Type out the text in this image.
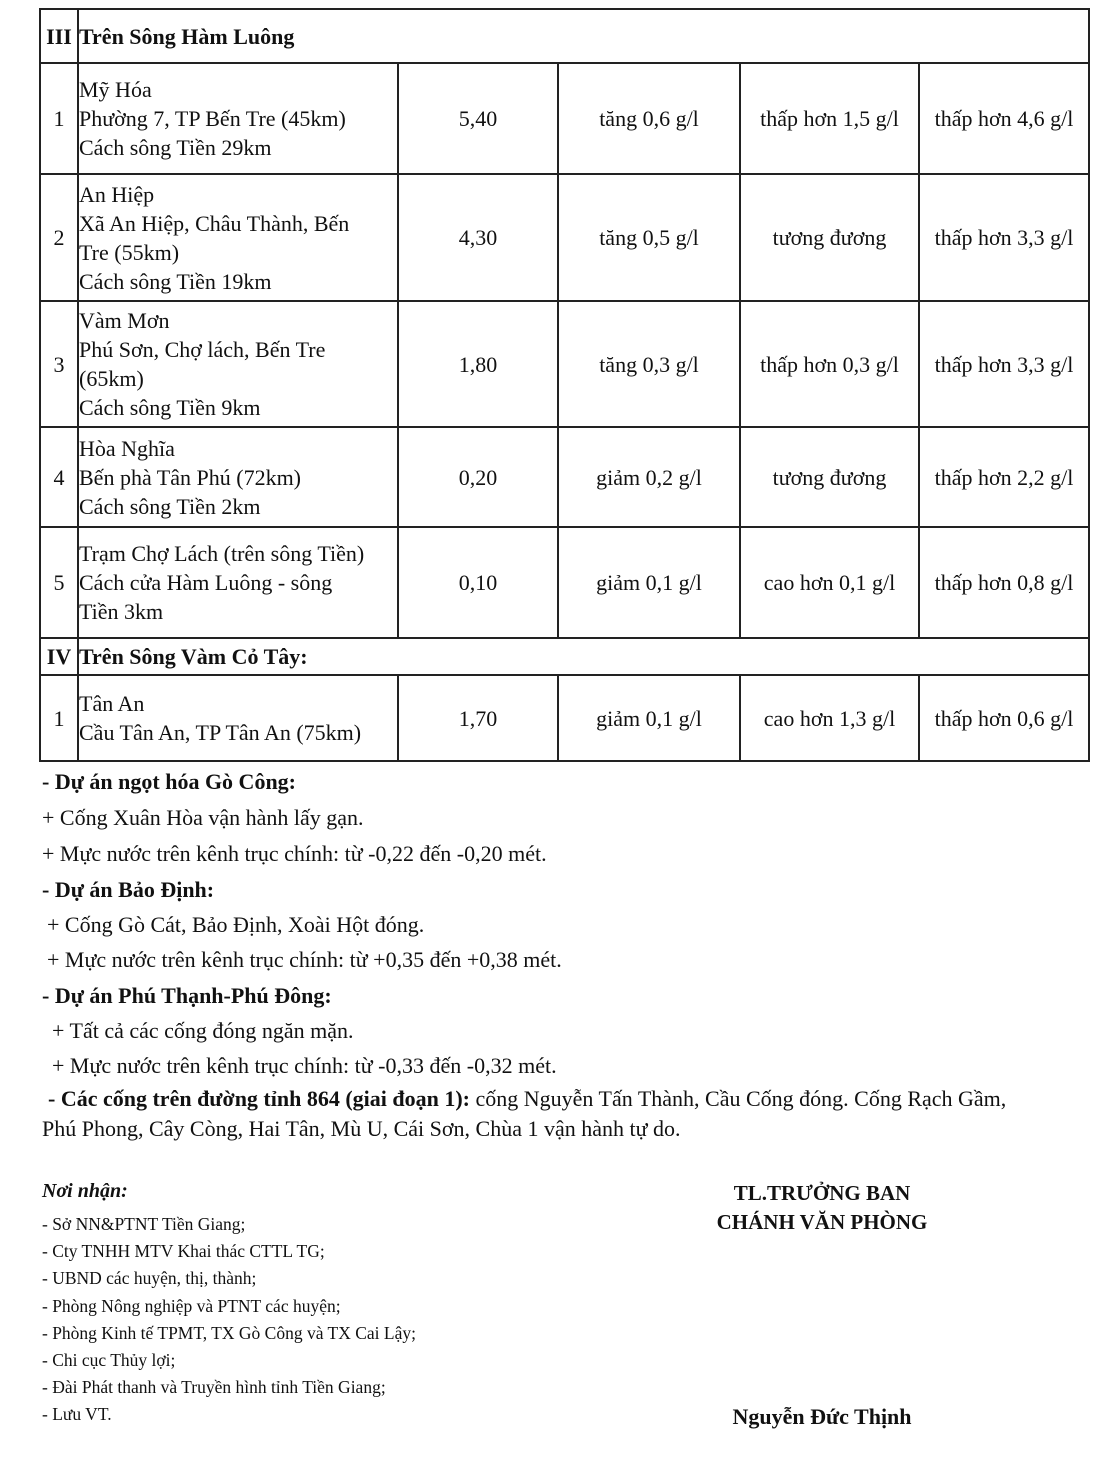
III	Trên Sông Hàm Luông				
1	Mỹ Hóa
Phường 7, TP Bến Tre (45km)
Cách sông Tiền 29km	5,40	tăng 0,6 g/l	thấp hơn 1,5 g/l	thấp hơn 4,6 g/l
2	An Hiệp
Xã An Hiệp, Châu Thành, Bến
Tre (55km)
Cách sông Tiền 19km	4,30	tăng 0,5 g/l	tương đương	thấp hơn 3,3 g/l
3	Vàm Mơn
Phú Sơn, Chợ lách, Bến Tre
(65km)
Cách sông Tiền 9km	1,80	tăng 0,3 g/l	thấp hơn 0,3 g/l	thấp hơn 3,3 g/l
4	Hòa Nghĩa
Bến phà Tân Phú (72km)
Cách sông Tiền 2km	0,20	giảm 0,2 g/l	tương đương	thấp hơn 2,2 g/l
5	Trạm Chợ Lách (trên sông Tiền)
Cách cửa Hàm Luông - sông
Tiền 3km	0,10	giảm 0,1 g/l	cao hơn 0,1 g/l	thấp hơn 0,8 g/l
IV	Trên Sông Vàm Cỏ Tây:				
1	Tân An
Cầu Tân An, TP Tân An (75km)	1,70	giảm 0,1 g/l	cao hơn 1,3 g/l	thấp hơn 0,6 g/l

- Dự án ngọt hóa Gò Công:

+ Cống Xuân Hòa vận hành lấy gạn.

+ Mực nước trên kênh trục chính: từ -0,22 đến -0,20 mét.

- Dự án Bảo Định:

+ Cống Gò Cát, Bảo Định, Xoài Hột đóng.

+ Mực nước trên kênh trục chính: từ +0,35 đến +0,38 mét.

- Dự án Phú Thạnh-Phú Đông:

+ Tất cả các cống đóng ngăn mặn.

+ Mực nước trên kênh trục chính: từ -0,33 đến -0,32 mét.

- Các cống trên đường tỉnh 864 (giai đoạn 1): cống Nguyễn Tấn Thành, Cầu Cống đóng. Cống Rạch Gầm,

Phú Phong, Cây Còng, Hai Tân, Mù U, Cái Sơn, Chùa 1 vận hành tự do.

Nơi nhận:
- Sở NN&PTNT Tiền Giang;
- Cty TNHH MTV Khai thác CTTL TG;
- UBND các huyện, thị, thành;
- Phòng Nông nghiệp và PTNT các huyện;
- Phòng Kinh tế TPMT, TX Gò Công và TX Cai Lậy;
- Chi cục Thủy lợi;
- Đài Phát thanh và Truyền hình tỉnh Tiền Giang;
- Lưu VT.
TL.TRƯỞNG BAN
CHÁNH VĂN PHÒNG
Nguyễn Đức Thịnh
